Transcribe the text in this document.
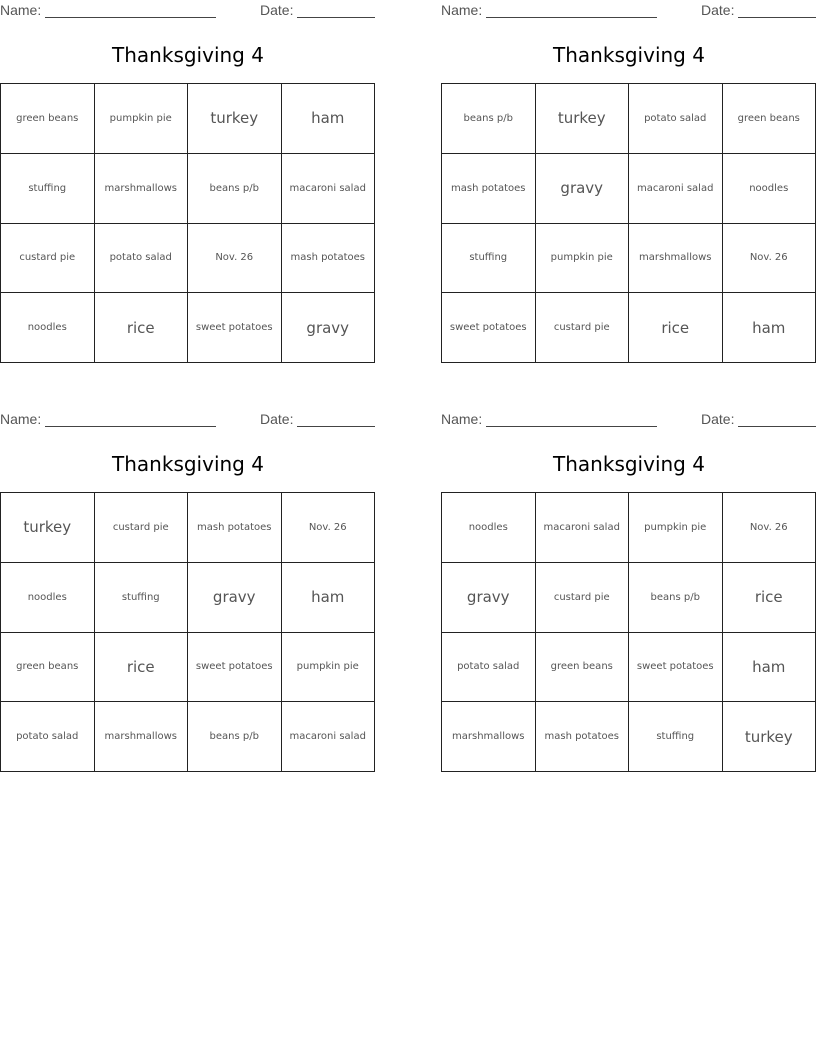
Name:	Date:
Thanksgiving 4
green beans	pumpkin pie	turkey	ham
stuffing	marshmallows	beans p/b	macaroni salad
custard pie	potato salad	Nov. 26	mash potatoes
noodles	rice	sweet potatoes	gravy
Name:	Date:
Thanksgiving 4
beans p/b	turkey	potato salad	green beans
mash potatoes	gravy	macaroni salad	noodles
stuffing	pumpkin pie	marshmallows	Nov. 26
sweet potatoes	custard pie	rice	ham
Name:	Date:
Thanksgiving 4
turkey	custard pie	mash potatoes	Nov. 26
noodles	stuffing	gravy	ham
green beans	rice	sweet potatoes	pumpkin pie
potato salad	marshmallows	beans p/b	macaroni salad
Name:	Date:
Thanksgiving 4
noodles	macaroni salad	pumpkin pie	Nov. 26
gravy	custard pie	beans p/b	rice
potato salad	green beans	sweet potatoes	ham
marshmallows	mash potatoes	stuffing	turkey
